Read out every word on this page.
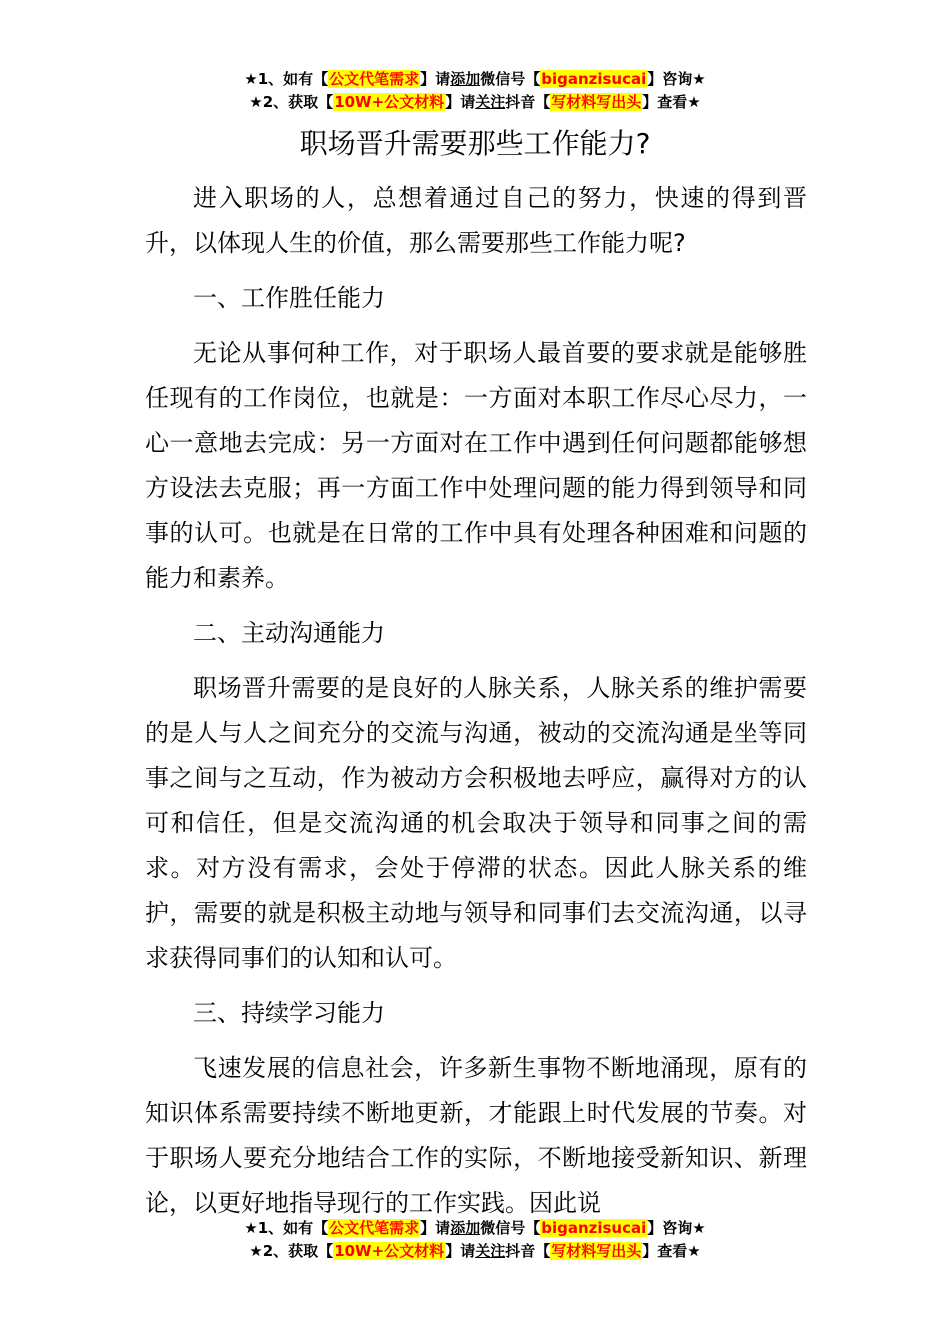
★1、如有【公文代笔需求】请添加微信号【biganzisucai】咨询★
★2、获取【10W+公文材料】请关注抖音【写材料写出头】查看★
职场晋升需要那些工作能力?

进入职场的人，总想着通过自己的努力，快速的得到晋升，以体现人生的价值，那么需要那些工作能力呢?

一、工作胜任能力

无论从事何种工作，对于职场人最首要的要求就是能够胜任现有的工作岗位，也就是：一方面对本职工作尽心尽力，一心一意地去完成：另一方面对在工作中遇到任何问题都能够想方设法去克服；再一方面工作中处理问题的能力得到领导和同事的认可。也就是在日常的工作中具有处理各种困难和问题的能力和素养。

二、主动沟通能力

职场晋升需要的是良好的人脉关系，人脉关系的维护需要的是人与人之间充分的交流与沟通，被动的交流沟通是坐等同事之间与之互动，作为被动方会积极地去呼应，赢得对方的认可和信任，但是交流沟通的机会取决于领导和同事之间的需求。对方没有需求，会处于停滞的状态。因此人脉关系的维护，需要的就是积极主动地与领导和同事们去交流沟通，以寻求获得同事们的认知和认可。

三、持续学习能力

飞速发展的信息社会，许多新生事物不断地涌现，原有的知识体系需要持续不断地更新，才能跟上时代发展的节奏。对于职场人要充分地结合工作的实际，不断地接受新知识、新理论，以更好地指导现行的工作实践。因此说

★1、如有【公文代笔需求】请添加微信号【biganzisucai】咨询★
★2、获取【10W+公文材料】请关注抖音【写材料写出头】查看★
